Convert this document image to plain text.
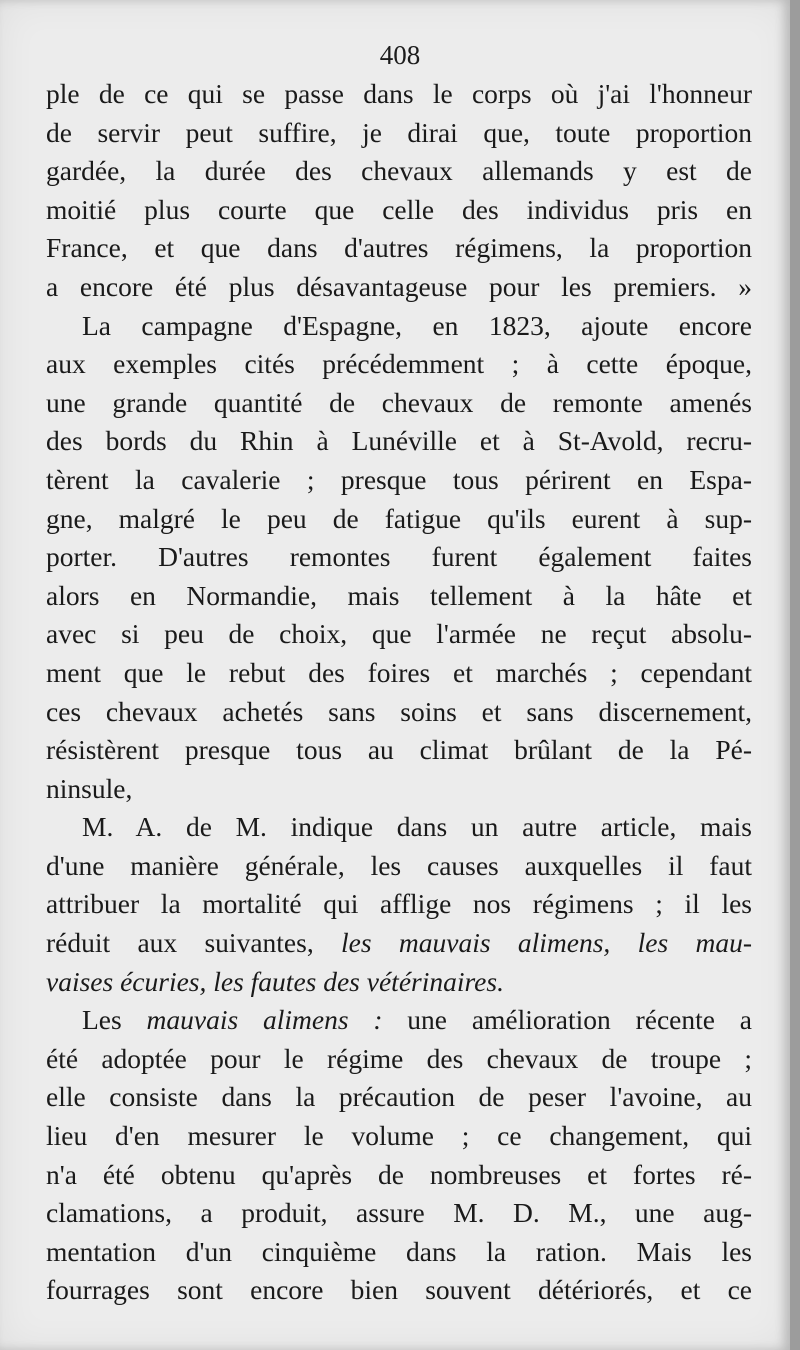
408
ple de ce qui se passe dans le corps où j'ai l'honneur
de servir peut suffire, je dirai que, toute proportion
gardée, la durée des chevaux allemands y est de
moitié plus courte que celle des individus pris en
France, et que dans d'autres régimens, la proportion
a encore été plus désavantageuse pour les premiers. »
La campagne d'Espagne, en 1823, ajoute encore
aux exemples cités précédemment ; à cette époque,
une grande quantité de chevaux de remonte amenés
des bords du Rhin à Lunéville et à St-Avold, recru-
tèrent la cavalerie ; presque tous périrent en Espa-
gne, malgré le peu de fatigue qu'ils eurent à sup-
porter. D'autres remontes furent également faites
alors en Normandie, mais tellement à la hâte et
avec si peu de choix, que l'armée ne reçut absolu-
ment que le rebut des foires et marchés ; cependant
ces chevaux achetés sans soins et sans discernement,
résistèrent presque tous au climat brûlant de la Pé-
ninsule,
M. A. de M. indique dans un autre article, mais
d'une manière générale, les causes auxquelles il faut
attribuer la mortalité qui afflige nos régimens ; il les
réduit aux suivantes, les mauvais alimens, les mau-
vaises écuries, les fautes des vétérinaires.
Les mauvais alimens : une amélioration récente a
été adoptée pour le régime des chevaux de troupe ;
elle consiste dans la précaution de peser l'avoine, au
lieu d'en mesurer le volume ; ce changement, qui
n'a été obtenu qu'après de nombreuses et fortes ré-
clamations, a produit, assure M. D. M., une aug-
mentation d'un cinquième dans la ration. Mais les
fourrages sont encore bien souvent détériorés, et ce
